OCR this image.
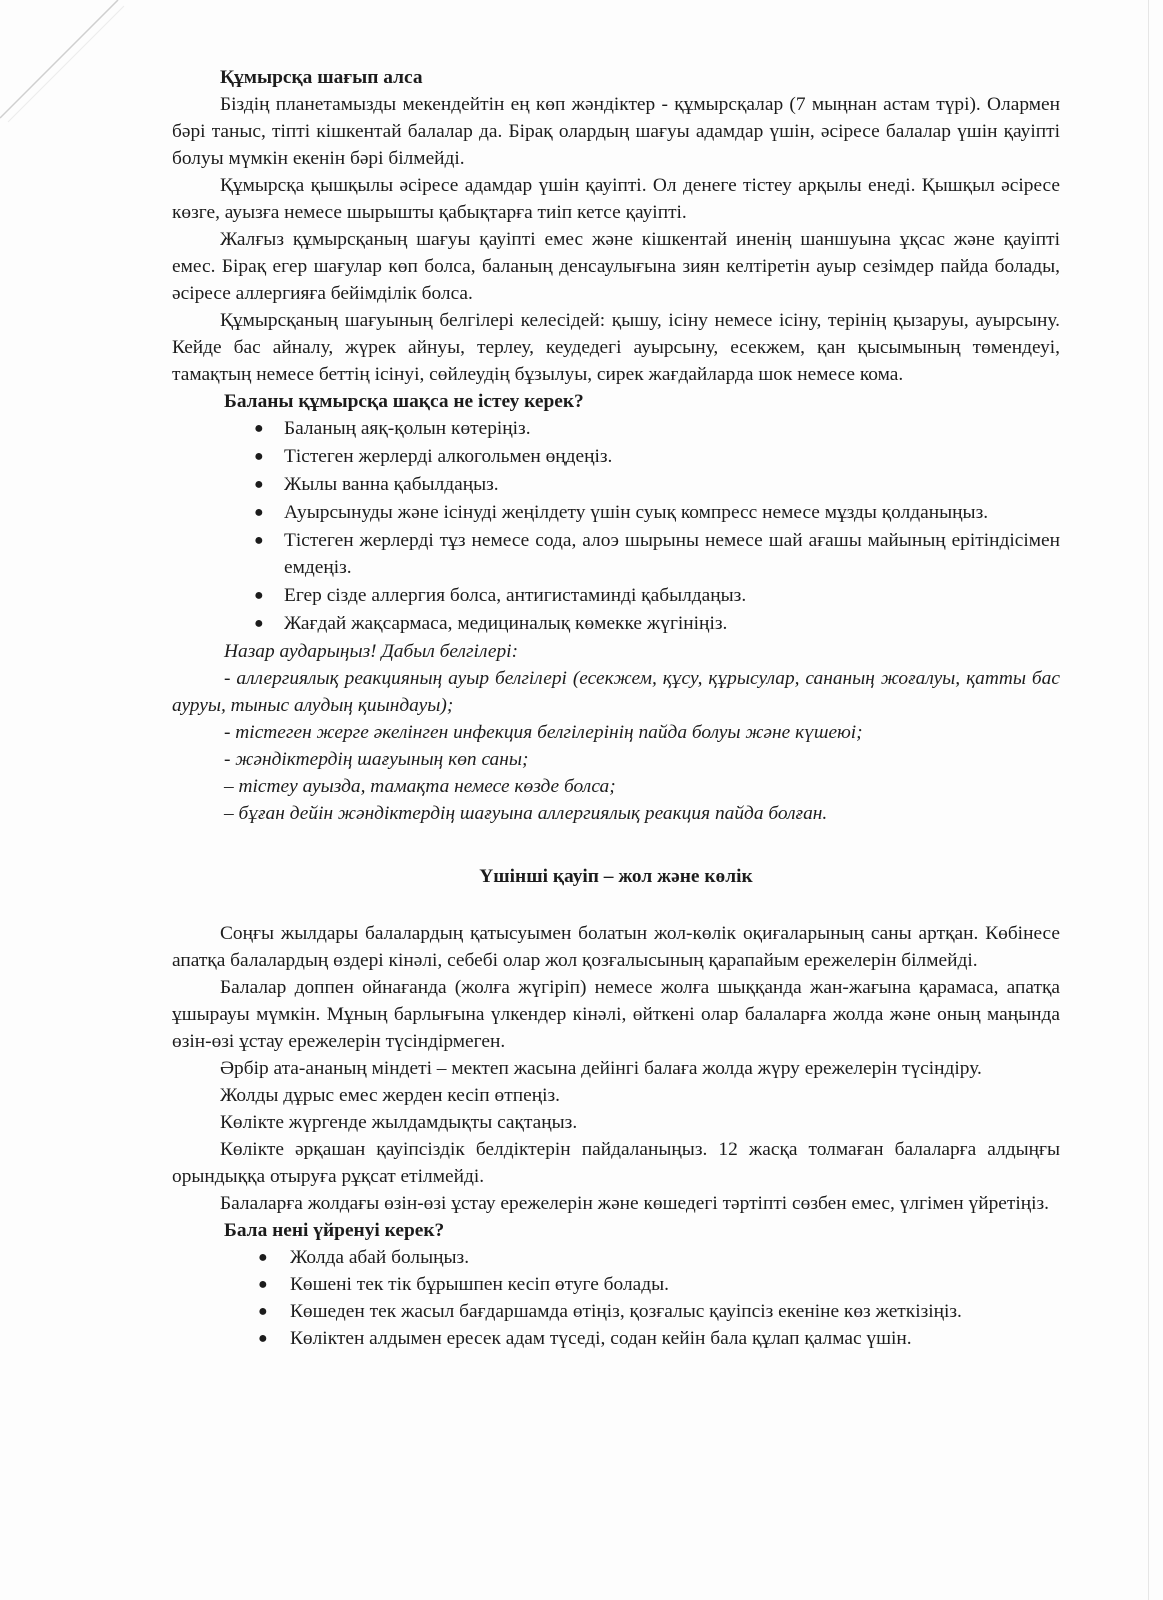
Құмырсқа шағып алса

Біздің планетамызды мекендейтін ең көп жәндіктер - құмырсқалар (7 мыңнан астам түрі). Олармен бәрі таныс, тіпті кішкентай балалар да. Бірақ олардың шағуы адамдар үшін, әсіресе балалар үшін қауіпті болуы мүмкін екенін бәрі білмейді.

Құмырсқа қышқылы әсіресе адамдар үшін қауіпті. Ол денеге тістеу арқылы енеді. Қышқыл әсіресе көзге, ауызға немесе шырышты қабықтарға тиіп кетсе қауіпті.

Жалғыз құмырсқаның шағуы қауіпті емес және кішкентай иненің шаншуына ұқсас және қауіпті емес. Бірақ егер шағулар көп болса, баланың денсаулығына зиян келтіретін ауыр сезімдер пайда болады, әсіресе аллергияға бейімділік болса.

Құмырсқаның шағуының белгілері келесідей: қышу, ісіну немесе ісіну, терінің қызаруы, ауырсыну. Кейде бас айналу, жүрек айнуы, терлеу, кеудедегі ауырсыну, есекжем, қан қысымының төмендеуі, тамақтың немесе беттің ісінуі, сөйлеудің бұзылуы, сирек жағдайларда шок немесе кома.

Баланы құмырсқа шақса не істеу керек?

● Баланың аяқ-қолын көтеріңіз.
● Тістеген жерлерді алкогольмен өңдеңіз.
● Жылы ванна қабылдаңыз.
● Ауырсынуды және ісінуді жеңілдету үшін суық компресс немесе мұзды қолданыңыз.
● Тістеген жерлерді тұз немесе сода, алоэ шырыны немесе шай ағашы майының ерітіндісімен емдеңіз.
● Егер сізде аллергия болса, антигистаминді қабылдаңыз.
● Жағдай жақсармаса, медициналық көмекке жүгініңіз.

Назар аударыңыз! Дабыл белгілері:

- аллергиялық реакцияның ауыр белгілері (есекжем, құсу, құрысулар, сананың жоғалуы, қатты бас ауруы, тыныс алудың қиындауы);

- тістеген жерге әкелінген инфекция белгілерінің пайда болуы және күшеюі;

- жәндіктердің шағуының көп саны;

– тістеу ауызда, тамақта немесе көзде болса;

– бұған дейін жәндіктердің шағуына аллергиялық реакция пайда болған.

Үшінші қауіп – жол және көлік

Соңғы жылдары балалардың қатысуымен болатын жол-көлік оқиғаларының саны артқан. Көбінесе апатқа балалардың өздері кінәлі, себебі олар жол қозғалысының қарапайым ережелерін білмейді.

Балалар доппен ойнағанда (жолға жүгіріп) немесе жолға шыққанда жан-жағына қарамаса, апатқа ұшырауы мүмкін. Мұның барлығына үлкендер кінәлі, өйткені олар балаларға жолда және оның маңында өзін-өзі ұстау ережелерін түсіндірмеген.

Әрбір ата-ананың міндеті – мектеп жасына дейінгі балаға жолда жүру ережелерін түсіндіру.

Жолды дұрыс емес жерден кесіп өтпеңіз.

Көлікте жүргенде жылдамдықты сақтаңыз.

Көлікте әрқашан қауіпсіздік белдіктерін пайдаланыңыз. 12 жасқа толмаған балаларға алдыңғы орындыққа отыруға рұқсат етілмейді.

Балаларға жолдағы өзін-өзі ұстау ережелерін және көшедегі тәртіпті сөзбен емес, үлгімен үйретіңіз.

Бала нені үйренуі керек?

● Жолда абай болыңыз.
● Көшені тек тік бұрышпен кесіп өтуге болады.
● Көшеден тек жасыл бағдаршамда өтіңіз, қозғалыс қауіпсіз екеніне көз жеткізіңіз.
● Көліктен алдымен ересек адам түседі, содан кейін бала құлап қалмас үшін.
